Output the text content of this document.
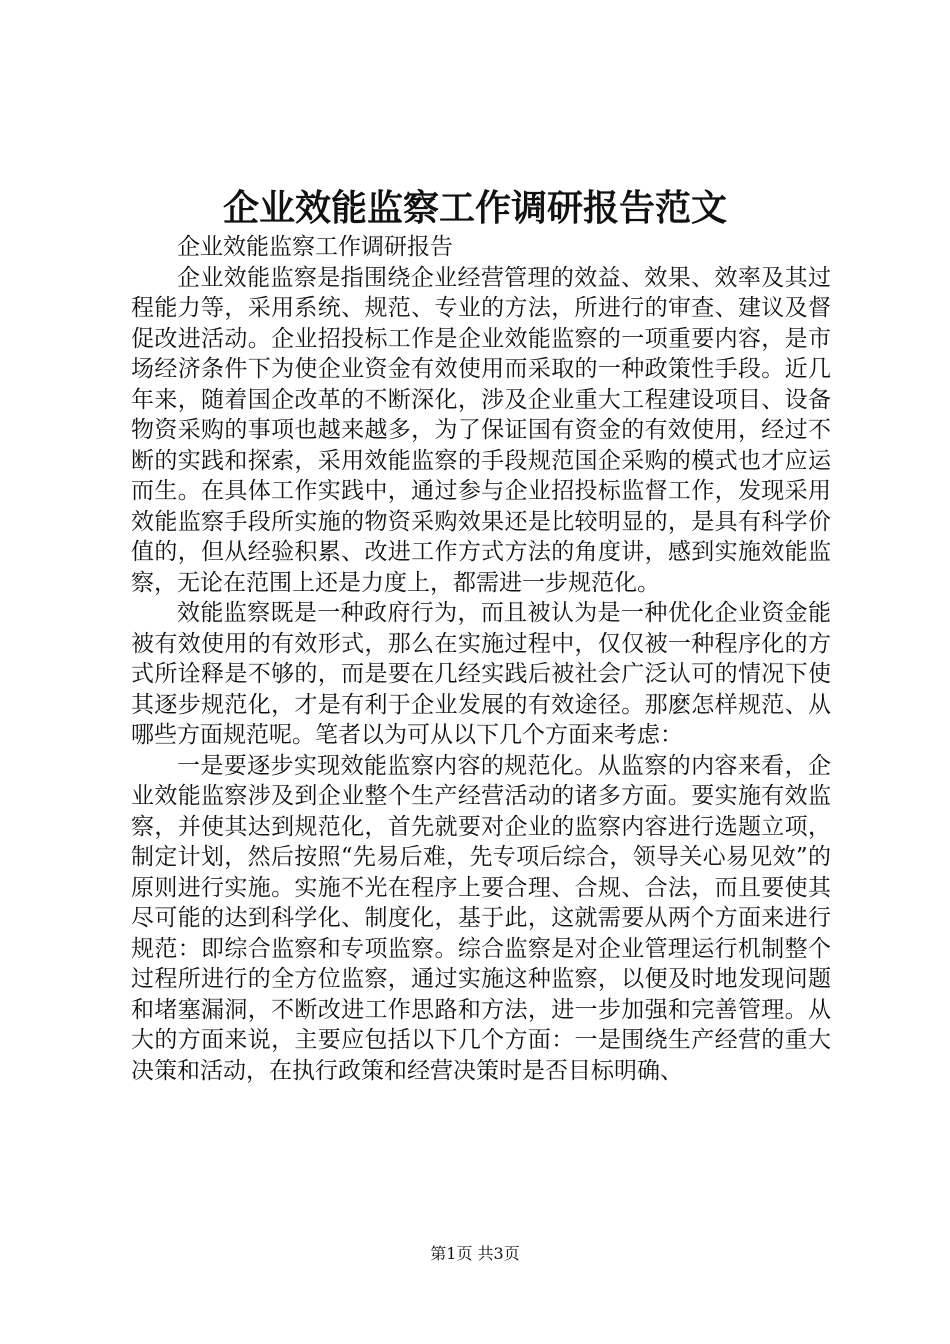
企业效能监察工作调研报告范文

企业效能监察工作调研报告

企业效能监察是指围绕企业经营管理的效益、效果、效率及其过程能力等，采用系统、规范、专业的方法，所进行的审查、建议及督促改进活动。企业招投标工作是企业效能监察的一项重要内容，是市场经济条件下为使企业资金有效使用而采取的一种政策性手段。近几年来，随着国企改革的不断深化，涉及企业重大工程建设项目、设备物资采购的事项也越来越多，为了保证国有资金的有效使用，经过不断的实践和探索，采用效能监察的手段规范国企采购的模式也才应运而生。在具体工作实践中，通过参与企业招投标监督工作，发现采用效能监察手段所实施的物资采购效果还是比较明显的，是具有科学价值的，但从经验积累、改进工作方式方法的角度讲，感到实施效能监察，无论在范围上还是力度上，都需进一步规范化。

效能监察既是一种政府行为，而且被认为是一种优化企业资金能被有效使用的有效形式，那么在实施过程中，仅仅被一种程序化的方式所诠释是不够的，而是要在几经实践后被社会广泛认可的情况下使其逐步规范化，才是有利于企业发展的有效途径。那麽怎样规范、从哪些方面规范呢。笔者以为可从以下几个方面来考虑：

一是要逐步实现效能监察内容的规范化。从监察的内容来看，企业效能监察涉及到企业整个生产经营活动的诸多方面。要实施有效监察，并使其达到规范化，首先就要对企业的监察内容进行选题立项，制定计划，然后按照“先易后难，先专项后综合，领导关心易见效”的原则进行实施。实施不光在程序上要合理、合规、合法，而且要使其尽可能的达到科学化、制度化，基于此，这就需要从两个方面来进行规范：即综合监察和专项监察。综合监察是对企业管理运行机制整个过程所进行的全方位监察，通过实施这种监察，以便及时地发现问题和堵塞漏洞，不断改进工作思路和方法，进一步加强和完善管理。从大的方面来说，主要应包括以下几个方面：一是围绕生产经营的重大决策和活动，在执行政策和经营决策时是否目标明确、

第1页 共3页
